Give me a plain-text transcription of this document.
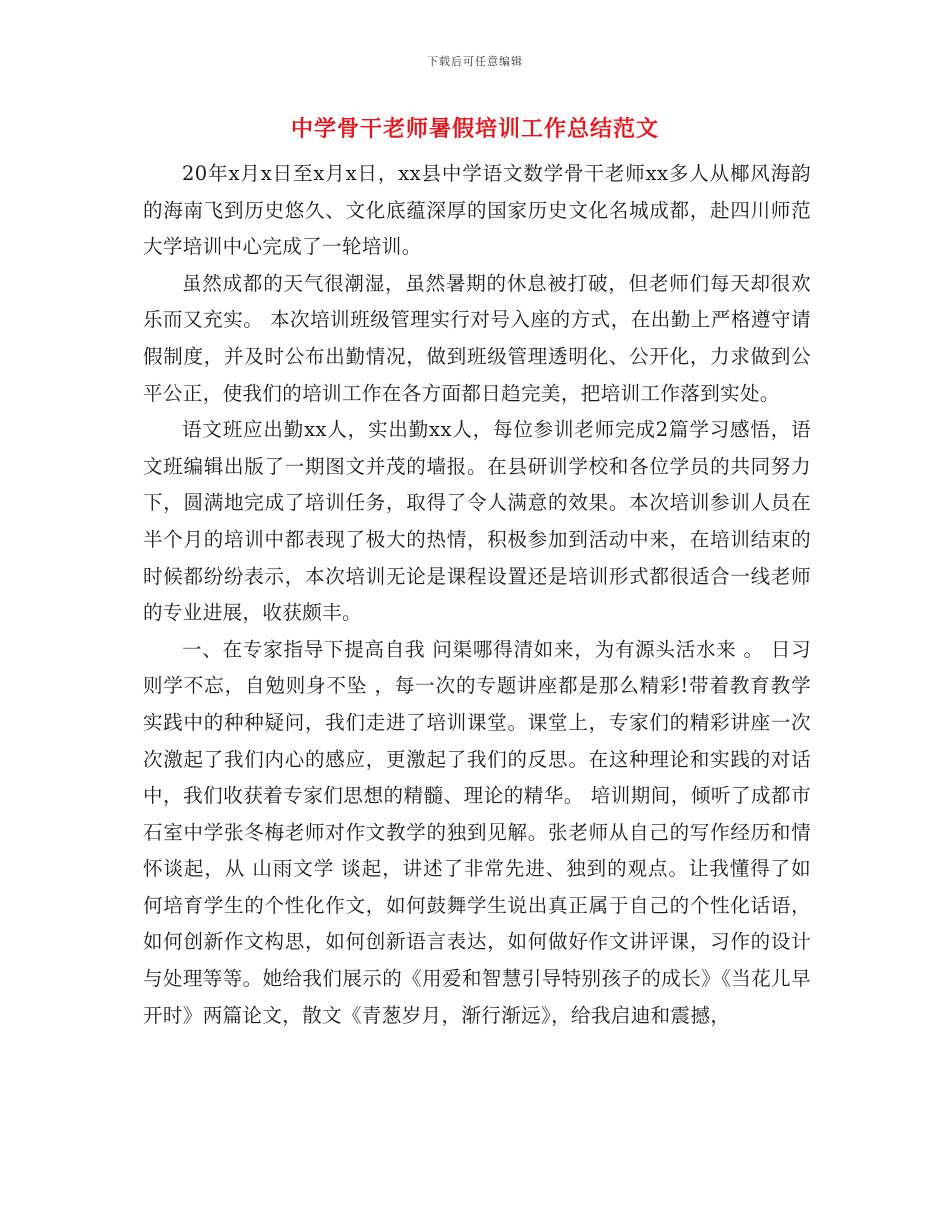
下载后可任意编辑
中学骨干老师暑假培训工作总结范文

20年x月x日至x月x日，xx县中学语文数学骨干老师xx多人从椰风海韵的海南飞到历史悠久、文化底蕴深厚的国家历史文化名城成都，赴四川师范大学培训中心完成了一轮培训。

虽然成都的天气很潮湿，虽然暑期的休息被打破，但老师们每天却很欢乐而又充实。 本次培训班级管理实行对号入座的方式，在出勤上严格遵守请假制度，并及时公布出勤情况，做到班级管理透明化、公开化，力求做到公平公正，使我们的培训工作在各方面都日趋完美，把培训工作落到实处。

语文班应出勤xx人，实出勤xx人，每位参训老师完成2篇学习感悟，语文班编辑出版了一期图文并茂的墙报。在县研训学校和各位学员的共同努力下，圆满地完成了培训任务，取得了令人满意的效果。本次培训参训人员在半个月的培训中都表现了极大的热情，积极参加到活动中来，在培训结束的时候都纷纷表示，本次培训无论是课程设置还是培训形式都很适合一线老师的专业进展，收获颇丰。

一、在专家指导下提高自我 问渠哪得清如来，为有源头活水来 。 日习则学不忘，自勉则身不坠 ，每一次的专题讲座都是那么精彩!带着教育教学实践中的种种疑问，我们走进了培训课堂。课堂上，专家们的精彩讲座一次次激起了我们内心的感应，更激起了我们的反思。在这种理论和实践的对话中，我们收获着专家们思想的精髓、理论的精华。 培训期间，倾听了成都市石室中学张冬梅老师对作文教学的独到见解。张老师从自己的写作经历和情怀谈起，从 山雨文学 谈起，讲述了非常先进、独到的观点。让我懂得了如何培育学生的个性化作文，如何鼓舞学生说出真正属于自己的个性化话语，如何创新作文构思，如何创新语言表达，如何做好作文讲评课，习作的设计与处理等等。她给我们展示的《用爱和智慧引导特别孩子的成长》《当花儿早开时》两篇论文，散文《青葱岁月，渐行渐远》，给我启迪和震撼，
